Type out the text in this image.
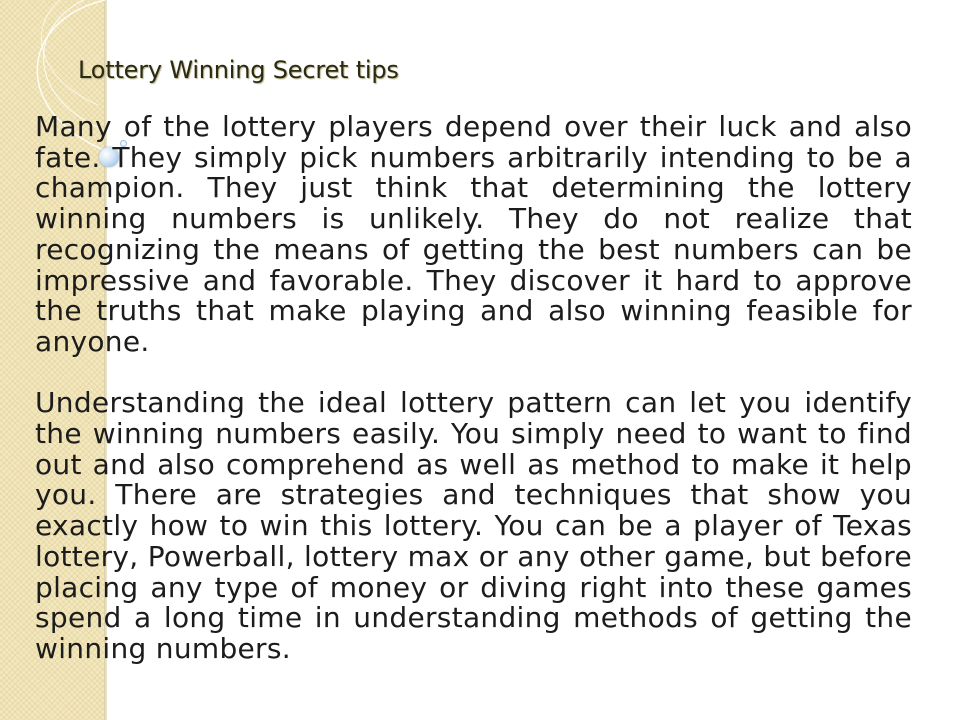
Lottery Winning Secret tips

Many of the lottery players depend over their luck and also fate. They simply pick numbers arbitrarily intending to be a champion. They just think that determining the lottery winning numbers is unlikely. They do not realize that recognizing the means of getting the best numbers can be impressive and favorable. They discover it hard to approve the truths that make playing and also winning feasible for anyone.

Understanding the ideal lottery pattern can let you identify the winning numbers easily. You simply need to want to find out and also comprehend as well as method to make it help you. There are strategies and techniques that show you exactly how to win this lottery. You can be a player of Texas lottery, Powerball, lottery max or any other game, but before placing any type of money or diving right into these games spend a long time in understanding methods of getting the winning numbers.
